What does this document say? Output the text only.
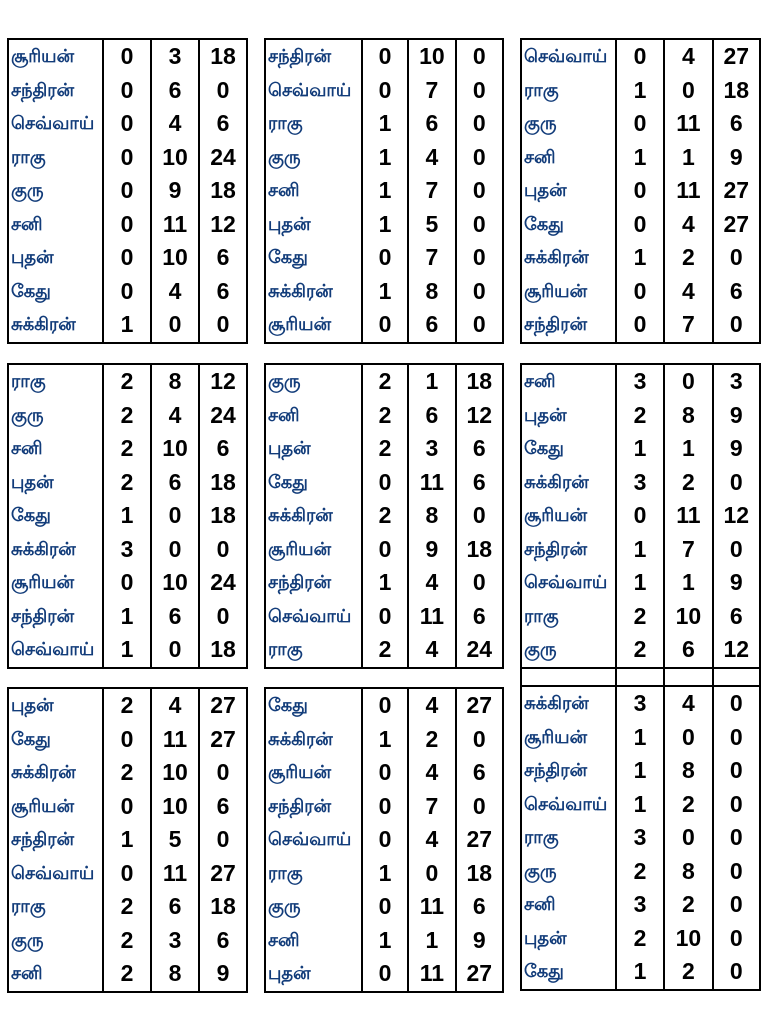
சூரியன்	0	3	18
சந்திரன்	0	6	0
செவ்வாய்	0	4	6
ராகு	0	10	24
குரு	0	9	18
சனி	0	11	12
புதன்	0	10	6
கேது	0	4	6
சுக்கிரன்	1	0	0
சந்திரன்	0	10	0
செவ்வாய்	0	7	0
ராகு	1	6	0
குரு	1	4	0
சனி	1	7	0
புதன்	1	5	0
கேது	0	7	0
சுக்கிரன்	1	8	0
சூரியன்	0	6	0
செவ்வாய்	0	4	27
ராகு	1	0	18
குரு	0	11	6
சனி	1	1	9
புதன்	0	11	27
கேது	0	4	27
சுக்கிரன்	1	2	0
சூரியன்	0	4	6
சந்திரன்	0	7	0
ராகு	2	8	12
குரு	2	4	24
சனி	2	10	6
புதன்	2	6	18
கேது	1	0	18
சுக்கிரன்	3	0	0
சூரியன்	0	10	24
சந்திரன்	1	6	0
செவ்வாய்	1	0	18
குரு	2	1	18
சனி	2	6	12
புதன்	2	3	6
கேது	0	11	6
சுக்கிரன்	2	8	0
சூரியன்	0	9	18
சந்திரன்	1	4	0
செவ்வாய்	0	11	6
ராகு	2	4	24
சனி	3	0	3
புதன்	2	8	9
கேது	1	1	9
சுக்கிரன்	3	2	0
சூரியன்	0	11	12
சந்திரன்	1	7	0
செவ்வாய்	1	1	9
ராகு	2	10	6
குரு	2	6	12
புதன்	2	4	27
கேது	0	11	27
சுக்கிரன்	2	10	0
சூரியன்	0	10	6
சந்திரன்	1	5	0
செவ்வாய்	0	11	27
ராகு	2	6	18
குரு	2	3	6
சனி	2	8	9
கேது	0	4	27
சுக்கிரன்	1	2	0
சூரியன்	0	4	6
சந்திரன்	0	7	0
செவ்வாய்	0	4	27
ராகு	1	0	18
குரு	0	11	6
சனி	1	1	9
புதன்	0	11	27

சுக்கிரன்	3	4	0
சூரியன்	1	0	0
சந்திரன்	1	8	0
செவ்வாய்	1	2	0
ராகு	3	0	0
குரு	2	8	0
சனி	3	2	0
புதன்	2	10	0
கேது	1	2	0
